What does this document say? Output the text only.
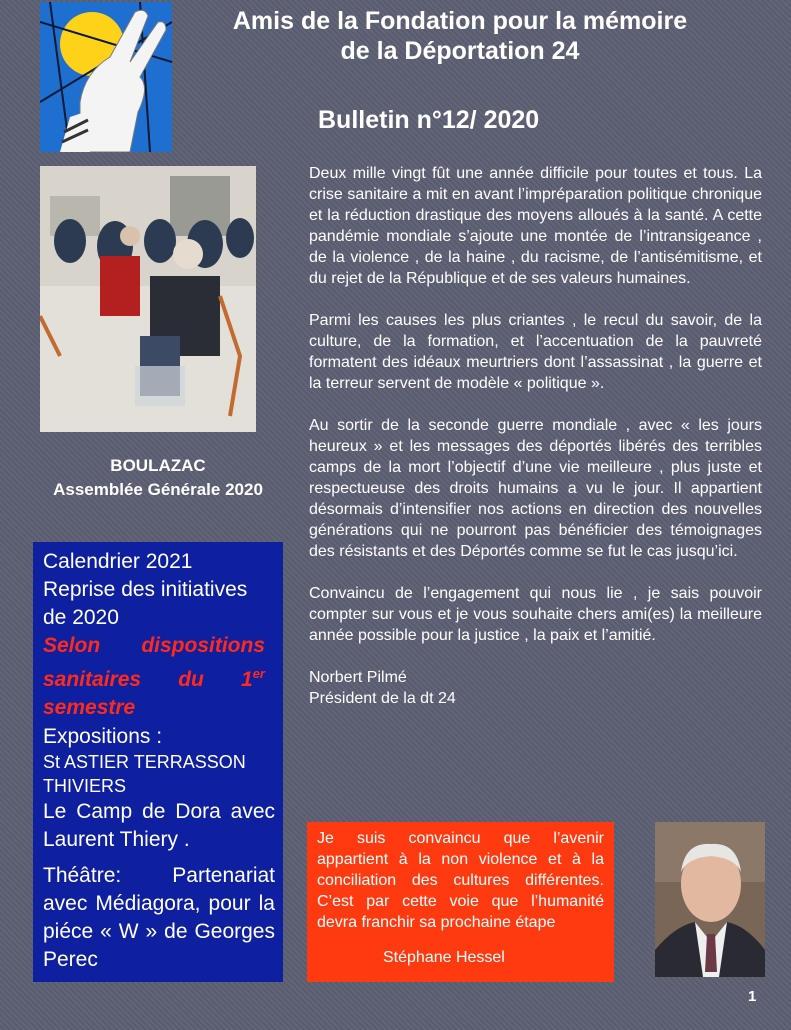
Amis de la Fondation pour la mémoire
de la Déportation 24
Bulletin n°12/ 2020
BOULAZAC
Assemblée Générale 2020

Deux mille vingt fût une année difficile pour toutes et tous. La crise sanitaire a mit en avant l’impréparation politique chronique et la réduction drastique des moyens alloués à la santé. A cette pandémie mondiale s’ajoute une montée de l’intransigeance , de la violence , de la haine , du racisme, de l’antisémitisme, et du rejet de la République et de ses valeurs humaines.

Parmi les causes les plus criantes , le recul du savoir, de la culture, de la formation, et l’accentuation de la pauvreté formatent des idéaux meurtriers dont l’assassinat , la guerre et la terreur servent de modèle « politique ».

Au sortir de la seconde guerre mondiale , avec « les jours heureux » et les messages des déportés libérés des terribles camps de la mort l’objectif d’une vie meilleure , plus juste et respectueuse des droits humains a vu le jour. Il appartient désormais d’intensifier nos actions en direction des nouvelles générations qui ne pourront pas bénéficier des témoignages des résistants et des Déportés comme se fut le cas jusqu’ici.

Convaincu de l’engagement qui nous lie , je sais pouvoir compter sur vous et je vous souhaite chers ami(es) la meilleure année possible pour la justice , la paix et l’amitié.

Norbert Pilmé

Président de la dt 24

Calendrier 2021
Reprise des initiatives
de 2020
Selon dispositions sanitaires du 1er semestre
Expositions :
St ASTIER TERRASSON THIVIERS
Le Camp de Dora avec Laurent Thiery .
Théâtre: Partenariat avec Médiagora, pour la piéce « W » de Georges Perec
Je suis convaincu que l’avenir appartient à la non violence et à la conciliation des cultures différentes. C’est par cette voie que l’humanité devra franchir sa prochaine étape
Stéphane Hessel
1
